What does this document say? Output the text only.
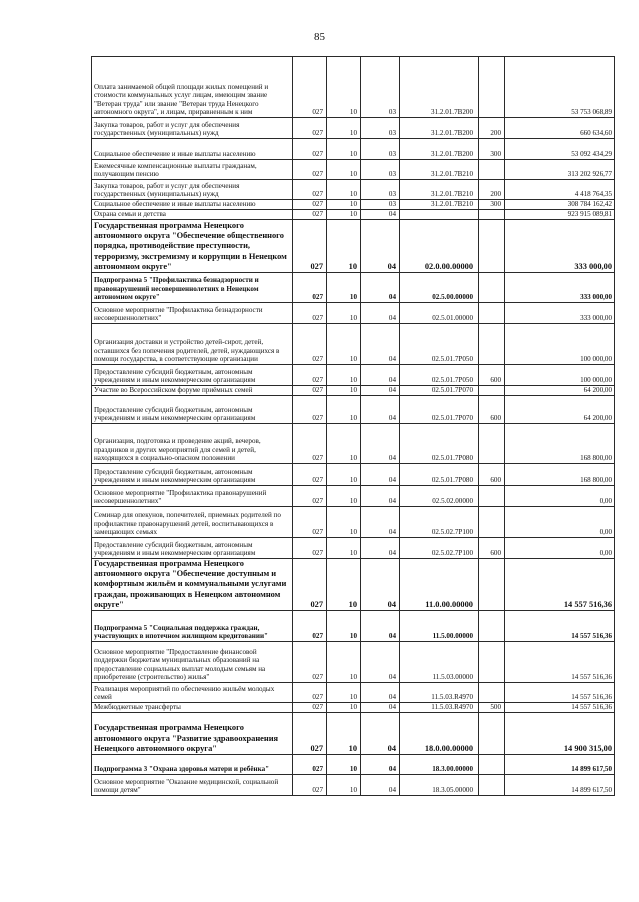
85
Оплата занимаемой общей площади жилых помещений и стоимости коммунальных услуг лицам, имеющим звание "Ветеран труда" или звание "Ветеран труда Ненецкого автономного округа", и лицам, приравненным к ним	027	10	03	31.2.01.7В200		53 753 068,89
Закупка товаров, работ и услуг для обеспечения государственных (муниципальных) нужд	027	10	03	31.2.01.7В200	200	660 634,60
Социальное обеспечение и иные выплаты населению	027	10	03	31.2.01.7В200	300	53 092 434,29
Ежемесячные компенсационные выплаты гражданам, получающим пенсию	027	10	03	31.2.01.7В210		313 202 926,77
Закупка товаров, работ и услуг для обеспечения государственных (муниципальных) нужд	027	10	03	31.2.01.7В210	200	4 418 764,35
Социальное обеспечение и иные выплаты населению	027	10	03	31.2.01.7В210	300	308 784 162,42
Охрана семьи и детства	027	10	04			923 915 089,81
Государственная программа Ненецкого автономного округа "Обеспечение общественного порядка, противодействие преступности, терроризму, экстремизму и коррупции в Ненецком автономном округе"	027	10	04	02.0.00.00000		333 000,00
Подпрограмма 5 "Профилактика безнадзорности и правонарушений несовершеннолетних в Ненецком автономном округе"	027	10	04	02.5.00.00000		333 000,00
Основное мероприятие "Профилактика безнадзорности несовершеннолетних"	027	10	04	02.5.01.00000		333 000,00
Организация доставки и устройство детей-сирот, детей, оставшихся без попечения родителей, детей, нуждающихся в помощи государства, в соответствующие организации	027	10	04	02.5.01.7Р050		100 000,00
Предоставление субсидий бюджетным, автономным учреждениям и иным некоммерческим организациям	027	10	04	02.5.01.7Р050	600	100 000,00
Участие во Всероссийском форуме приёмных семей	027	10	04	02.5.01.7Р070		64 200,00
Предоставление субсидий бюджетным, автономным учреждениям и иным некоммерческим организациям	027	10	04	02.5.01.7Р070	600	64 200,00
Организация, подготовка и проведение акций, вечеров, праздников и других мероприятий для семей и детей, находящихся в социально-опасном положении	027	10	04	02.5.01.7Р080		168 800,00
Предоставление субсидий бюджетным, автономным учреждениям и иным некоммерческим организациям	027	10	04	02.5.01.7Р080	600	168 800,00
Основное мероприятие "Профилактика правонарушений несовершеннолетних"	027	10	04	02.5.02.00000		0,00
Семинар для опекунов, попечителей, приемных родителей по профилактике правонарушений детей, воспитывающихся в замещающих семьях	027	10	04	02.5.02.7Р100		0,00
Предоставление субсидий бюджетным, автономным учреждениям и иным некоммерческим организациям	027	10	04	02.5.02.7Р100	600	0,00
Государственная программа Ненецкого автономного округа "Обеспечение доступным и комфортным жильём и коммунальными услугами граждан, проживающих в Ненецком автономном округе"	027	10	04	11.0.00.00000		14 557 516,36
Подпрограмма 5 "Социальная поддержка граждан, участвующих в ипотечном жилищном кредитовании"	027	10	04	11.5.00.00000		14 557 516,36
Основное мероприятие "Предоставление финансовой поддержки бюджетам муниципальных образований на предоставление социальных выплат молодым семьям на приобретение (строительство) жилья"	027	10	04	11.5.03.00000		14 557 516,36
Реализация мероприятий по обеспечению жильём молодых семей	027	10	04	11.5.03.R4970		14 557 516,36
Межбюджетные трансферты	027	10	04	11.5.03.R4970	500	14 557 516,36
Государственная программа Ненецкого автономного округа "Развитие здравоохранения Ненецкого автономного округа"	027	10	04	18.0.00.00000		14 900 315,00
Подпрограмма 3 "Охрана здоровья матери и ребёнка"	027	10	04	18.3.00.00000		14 899 617,50
Основное мероприятие "Оказание медицинской, социальной помощи детям"	027	10	04	18.3.05.00000		14 899 617,50
